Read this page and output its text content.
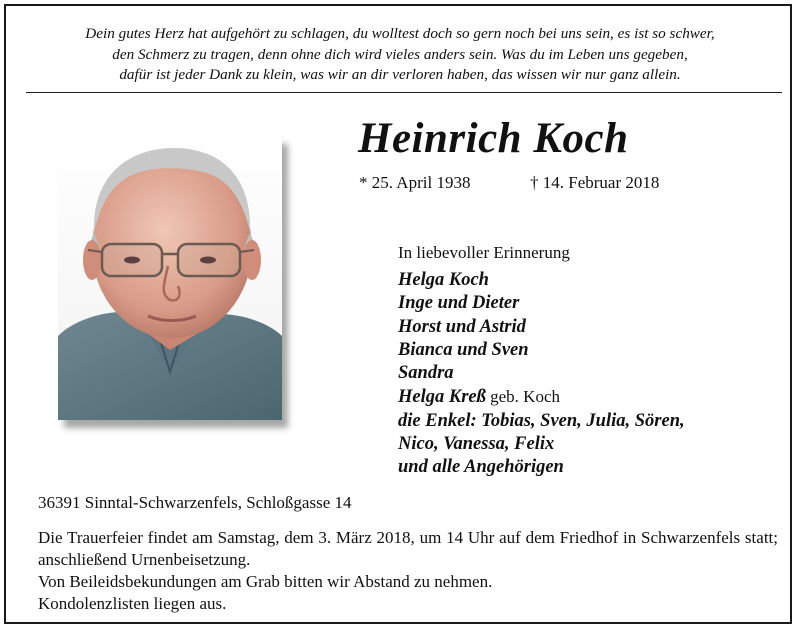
Dein gutes Herz hat aufgehört zu schlagen, du wolltest doch so gern noch bei uns sein, es ist so schwer,
den Schmerz zu tragen, denn ohne dich wird vieles anders sein. Was du im Leben uns gegeben,
dafür ist jeder Dank zu klein, was wir an dir verloren haben, das wissen wir nur ganz allein.
Heinrich Koch
* 25. April 1938	† 14. Februar 2018
In liebevoller Erinnerung
Helga Koch
Inge und Dieter
Horst und Astrid
Bianca und Sven
Sandra
Helga Kreß geb. Koch
die Enkel: Tobias, Sven, Julia, Sören,
Nico, Vanessa, Felix
und alle Angehörigen
36391 Sinntal-Schwarzenfels, Schloßgasse 14

Die Trauerfeier findet am Samstag, dem 3. März 2018, um 14 Uhr auf dem Friedhof in Schwarzenfels statt; anschließend Urnenbeisetzung.

Von Beileidsbekundungen am Grab bitten wir Abstand zu nehmen.

Kondolenzlisten liegen aus.
